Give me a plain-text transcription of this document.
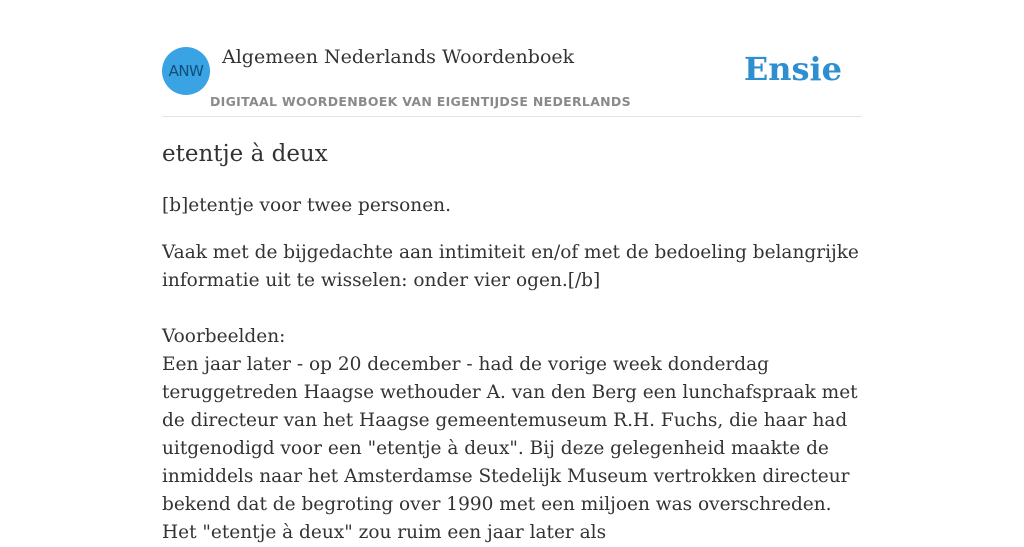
ANW
Algemeen Nederlands Woordenboek
DIGITAAL WOORDENBOEK VAN EIGENTIJDSE NEDERLANDS
Ensie
etentje à deux

[b]etentje voor twee personen.

Vaak met de bijgedachte aan intimiteit en/of met de bedoeling belangrijke informatie uit te wisselen: onder vier ogen.[/b]

Voorbeelden:

Een jaar later - op 20 december - had de vorige week donderdag teruggetreden Haagse wethouder A. van den Berg een lunchafspraak met de directeur van het Haagse gemeentemuseum R.H. Fuchs, die haar had uitgenodigd voor een "etentje à deux". Bij deze gelegenheid maakte de inmiddels naar het Amsterdamse Stedelijk Museum vertrokken directeur bekend dat de begroting over 1990 met een miljoen was overschreden. Het "etentje à deux" zou ruim een jaar later als
